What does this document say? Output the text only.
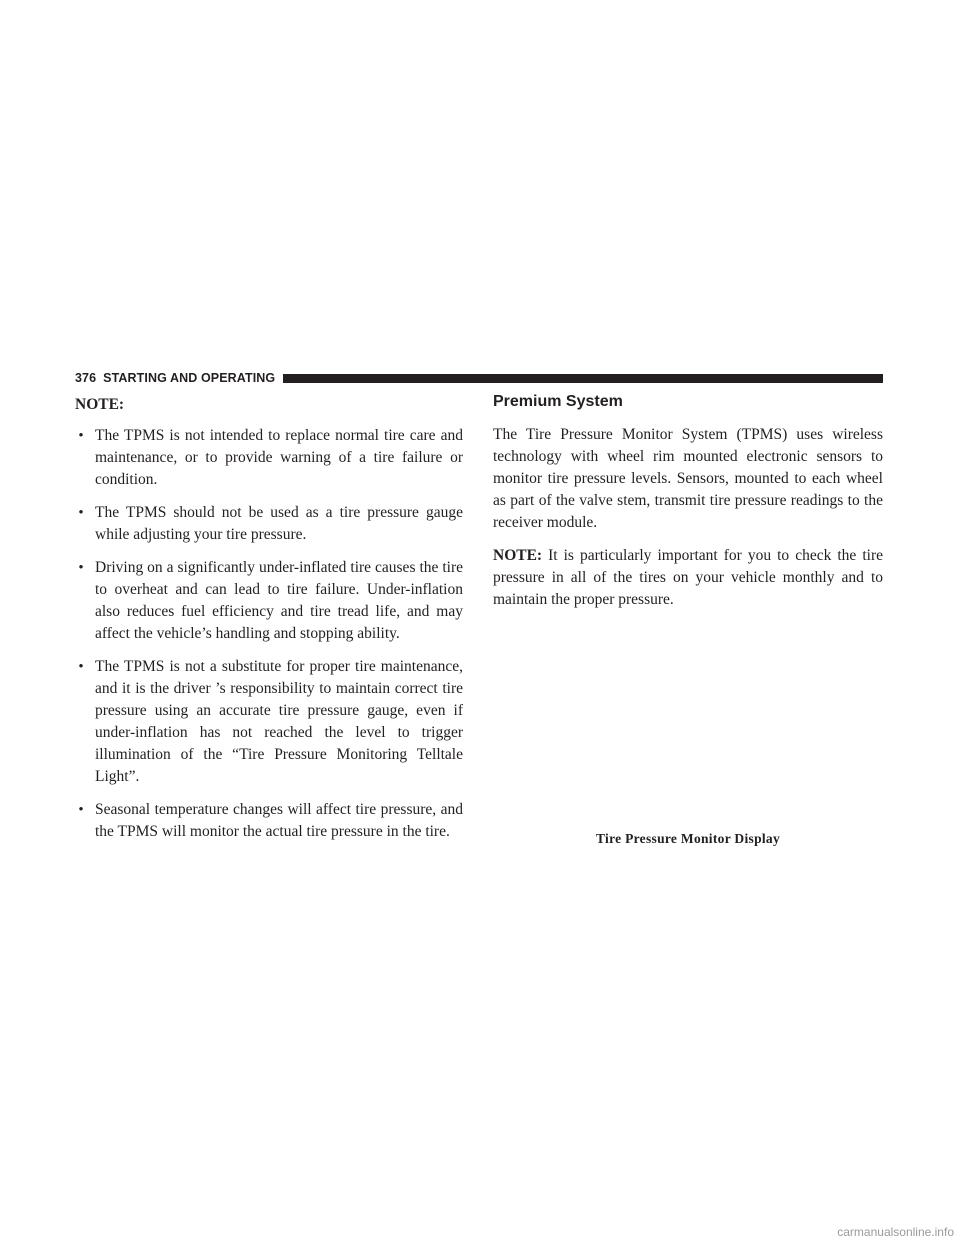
376 STARTING AND OPERATING
NOTE:
• The TPMS is not intended to replace normal tire care and maintenance, or to provide warning of a tire failure or condition.
• The TPMS should not be used as a tire pressure gauge while adjusting your tire pressure.
• Driving on a significantly under-inflated tire causes the tire to overheat and can lead to tire failure. Under-inflation also reduces fuel efficiency and tire tread life, and may affect the vehicle’s handling and stopping ability.
• The TPMS is not a substitute for proper tire maintenance, and it is the driver ’s responsibility to maintain correct tire pressure using an accurate tire pressure gauge, even if under-inflation has not reached the level to trigger illumination of the “Tire Pressure Monitoring Telltale Light”.
• Seasonal temperature changes will affect tire pressure, and the TPMS will monitor the actual tire pressure in the tire.
Premium System

The Tire Pressure Monitor System (TPMS) uses wireless technology with wheel rim mounted electronic sensors to monitor tire pressure levels. Sensors, mounted to each wheel as part of the valve stem, transmit tire pressure readings to the receiver module.

NOTE: It is particularly important for you to check the tire pressure in all of the tires on your vehicle monthly and to maintain the proper pressure.

Tire Pressure Monitor Display
carmanualsonline.info
